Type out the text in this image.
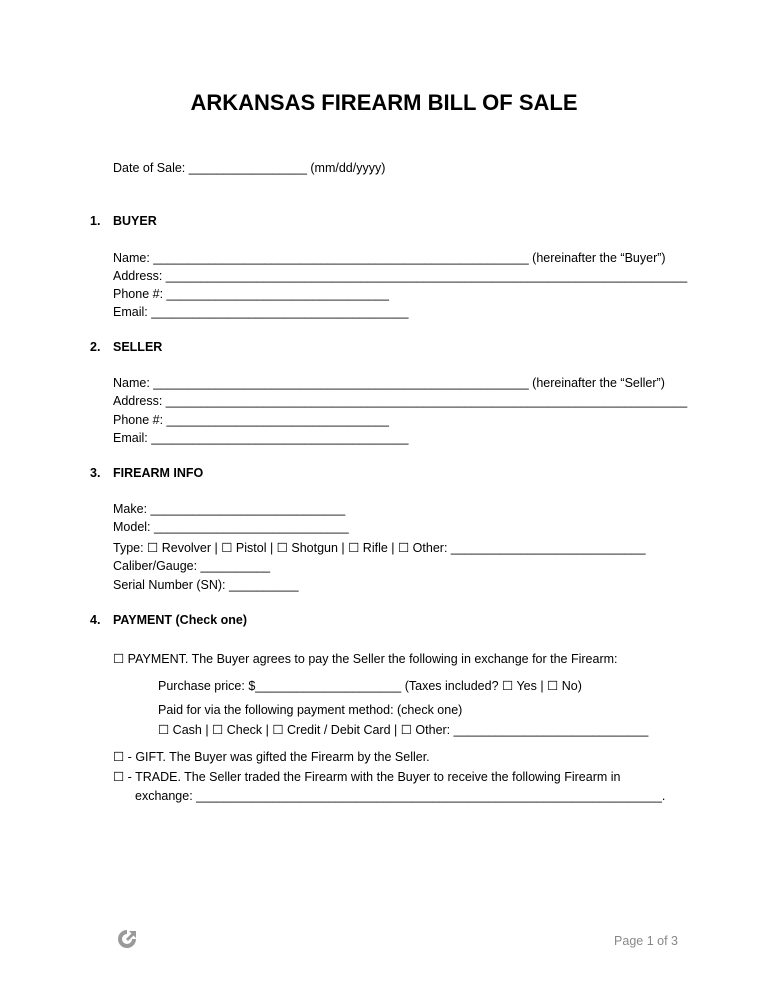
ARKANSAS FIREARM BILL OF SALE
Date of Sale: _________________ (mm/dd/yyyy)
1. BUYER
Name: ______________________________________________________ (hereinafter the “Buyer”)
Address: ___________________________________________________________________________
Phone #: ________________________________
Email: _____________________________________
2. SELLER
Name: ______________________________________________________ (hereinafter the “Seller”)
Address: ___________________________________________________________________________
Phone #: ________________________________
Email: _____________________________________
3. FIREARM INFO
Make: ____________________________
Model: ____________________________
Type: ☐ Revolver | ☐ Pistol | ☐ Shotgun | ☐ Rifle | ☐ Other: ____________________________
Caliber/Gauge: __________
Serial Number (SN): __________
4. PAYMENT (Check one)
☐ PAYMENT. The Buyer agrees to pay the Seller the following in exchange for the Firearm:
Purchase price: $_____________________ (Taxes included? ☐ Yes | ☐ No)
Paid for via the following payment method: (check one)
☐ Cash | ☐ Check | ☐ Credit / Debit Card | ☐ Other: ____________________________
☐ - GIFT. The Buyer was gifted the Firearm by the Seller.
☐ - TRADE. The Seller traded the Firearm with the Buyer to receive the following Firearm in
exchange: ___________________________________________________________________.
Page 1 of 3
